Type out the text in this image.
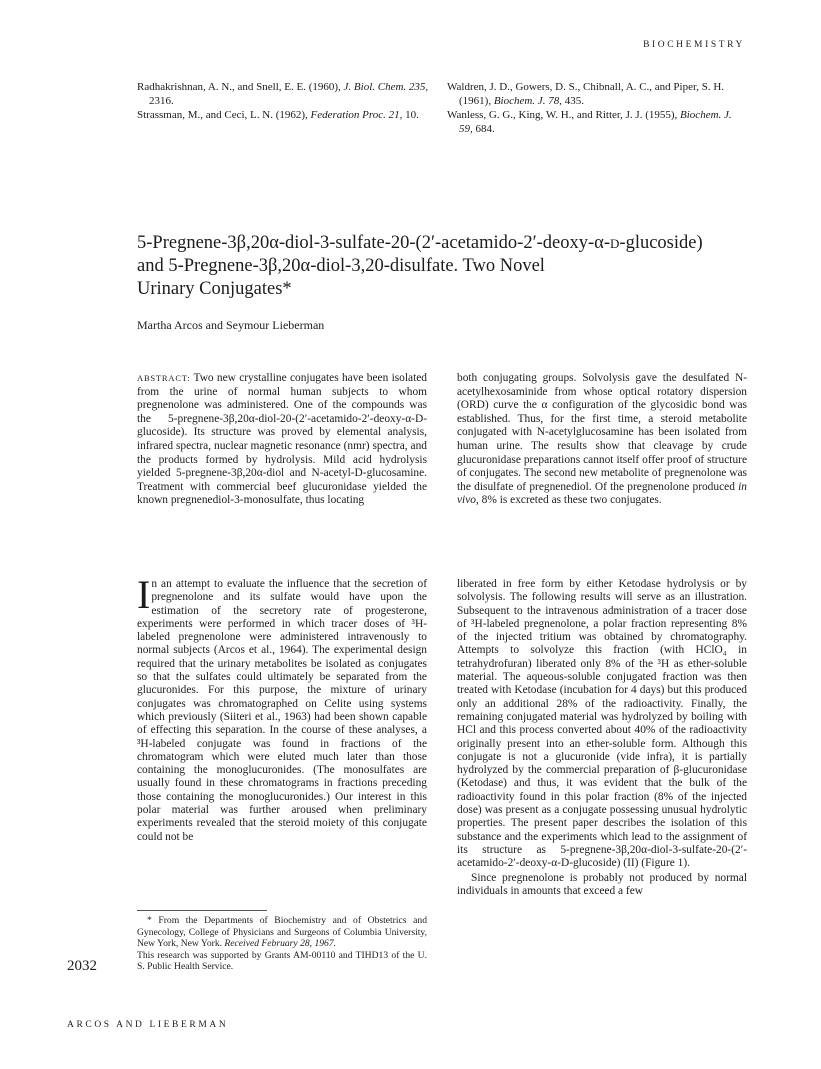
BIOCHEMISTRY
Radhakrishnan, A. N., and Snell, E. E. (1960), J. Biol. Chem. 235, 2316.
Strassman, M., and Ceci, L. N. (1962), Federation Proc. 21, 10.
Waldren, J. D., Gowers, D. S., Chibnall, A. C., and Piper, S. H. (1961), Biochem. J. 78, 435.
Wanless, G. G., King, W. H., and Ritter, J. J. (1955), Biochem. J. 59, 684.
5-Pregnene-3β,20α-diol-3-sulfate-20-(2′-acetamido-2′-deoxy-α-d-glucoside)
and 5-Pregnene-3β,20α-diol-3,20-disulfate. Two Novel
Urinary Conjugates*
Martha Arcos and Seymour Lieberman
ABSTRACT: Two new crystalline conjugates have been isolated from the urine of normal human subjects to whom pregnenolone was administered. One of the compounds was the 5-pregnene-3β,20α-diol-20-(2′-acetamido-2′-deoxy-α-D-glucoside). Its structure was proved by elemental analysis, infrared spectra, nuclear magnetic resonance (nmr) spectra, and the products formed by hydrolysis. Mild acid hydrolysis yielded 5-pregnene-3β,20α-diol and N-acetyl-D-glucosamine. Treatment with commercial beef glucuronidase yielded the known pregnenediol-3-monosulfate, thus locating
both conjugating groups. Solvolysis gave the desulfated N-acetylhexosaminide from whose optical rotatory dispersion (ORD) curve the α configuration of the glycosidic bond was established. Thus, for the first time, a steroid metabolite conjugated with N-acetylglucosamine has been isolated from human urine. The results show that cleavage by crude glucuronidase preparations cannot itself offer proof of structure of conjugates. The second new metabolite of pregnenolone was the disulfate of pregnenediol. Of the pregnenolone produced in vivo, 8% is excreted as these two conjugates.
In an attempt to evaluate the influence that the secretion of pregnenolone and its sulfate would have upon the estimation of the secretory rate of progesterone, experiments were performed in which tracer doses of ³H-labeled pregnenolone were administered intravenously to normal subjects (Arcos et al., 1964). The experimental design required that the urinary metabolites be isolated as conjugates so that the sulfates could ultimately be separated from the glucuronides. For this purpose, the mixture of urinary conjugates was chromatographed on Celite using systems which previously (Siiteri et al., 1963) had been shown capable of effecting this separation. In the course of these analyses, a ³H-labeled conjugate was found in fractions of the chromatogram which were eluted much later than those containing the monoglucuronides. (The monosulfates are usually found in these chromatograms in fractions preceding those containing the monoglucuronides.) Our interest in this polar material was further aroused when preliminary experiments revealed that the steroid moiety of this conjugate could not be
liberated in free form by either Ketodase hydrolysis or by solvolysis. The following results will serve as an illustration. Subsequent to the intravenous administration of a tracer dose of ³H-labeled pregnenolone, a polar fraction representing 8% of the injected tritium was obtained by chromatography. Attempts to solvolyze this fraction (with HClO₄ in tetrahydrofuran) liberated only 8% of the ³H as ether-soluble material. The aqueous-soluble conjugated fraction was then treated with Ketodase (incubation for 4 days) but this produced only an additional 28% of the radioactivity. Finally, the remaining conjugated material was hydrolyzed by boiling with HCl and this process converted about 40% of the radioactivity originally present into an ether-soluble form. Although this conjugate is not a glucuronide (vide infra), it is partially hydrolyzed by the commercial preparation of β-glucuronidase (Ketodase) and thus, it was evident that the bulk of the radioactivity found in this polar fraction (8% of the injected dose) was present as a conjugate possessing unusual hydrolytic properties. The present paper describes the isolation of this substance and the experiments which lead to the assignment of its structure as 5-pregnene-3β,20α-diol-3-sulfate-20-(2′-acetamido-2′-deoxy-α-D-glucoside) (II) (Figure 1).
Since pregnenolone is probably not produced by normal individuals in amounts that exceed a few
* From the Departments of Biochemistry and of Obstetrics and Gynecology, College of Physicians and Surgeons of Columbia University, New York, New York. Received February 28, 1967.
This research was supported by Grants AM-00110 and TIHD13 of the U. S. Public Health Service.
2032
ARCOS AND LIEBERMAN
